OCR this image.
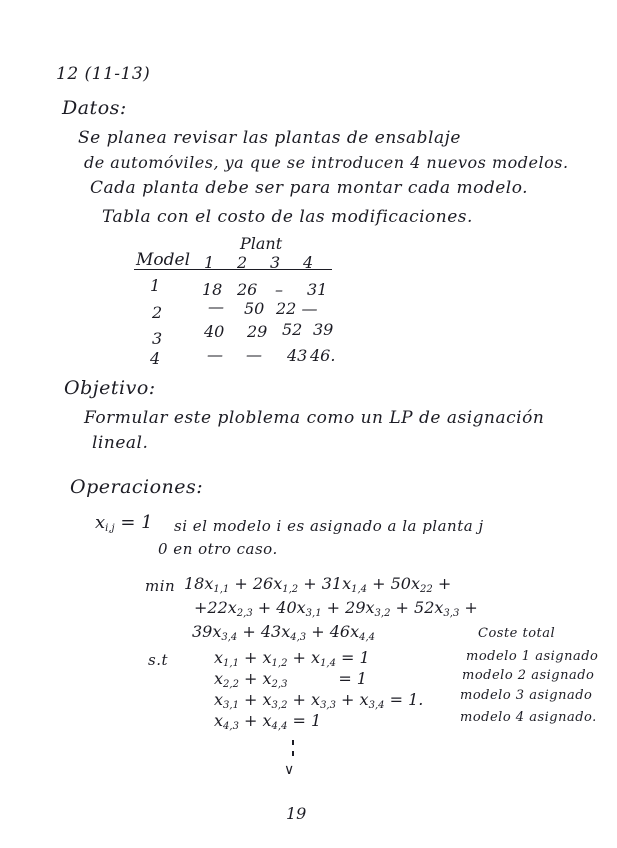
12 (11-13)
Datos:
Se planea revisar las plantas de ensablaje
de automóviles, ya que se introducen 4 nuevos modelos.
Cada planta debe ser para montar cada modelo.
Tabla con el costo de las modificaciones.
Plant
Model 1 2 3 4
1	18 26 – 31
2	— 50 22 —
3	40 29 52 39
4	— — 43 46.
Objetivo:
Formular este ploblema como un LP de asignación
lineal.
Operaciones:
$x_{i,j} = 1$ si el modelo i es asignado a la planta j
0 en otro caso.
$\min 18x_{1,1} + 26x_{1,2} + 31x_{1,4} + 50x_{22}$ +
$+22x_{2,3} + 40x_{3,1} + 29x_{3,2} + 52x_{3,3}$ +
$39x_{3,4} + 43x_{4,3} + 46x_{4,4}$
s.t	$x_{1,1} + x_{1,2} + x_{1,4} = 1$
$x_{2,2} + x_{2,3}$          = 1
$x_{3,1} + x_{3,2} + x_{3,3} + x_{3,4} = 1$.
$x_{4,3} + x_{4,4} = 1$
Coste total
modelo 1 asignado
modelo 2 asignado
modelo 3 asignado
modelo 4 asignado.
∨
19
